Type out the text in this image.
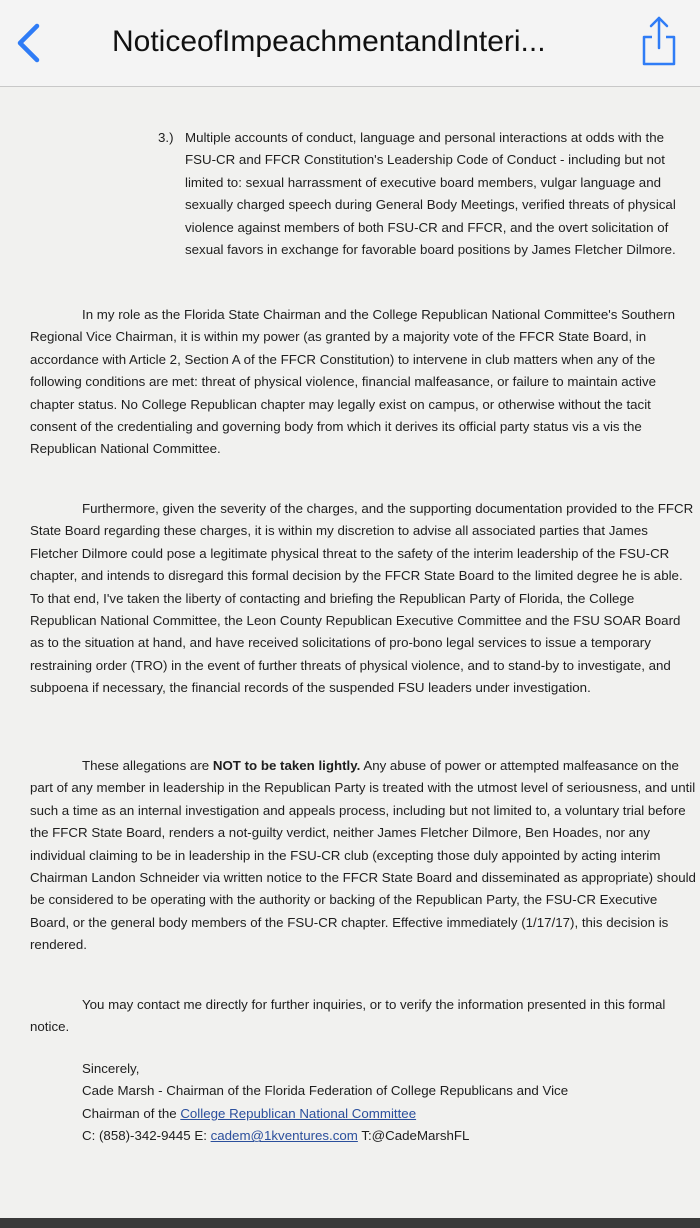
NoticeofImpeachmentandInteri...
3.) Multiple accounts of conduct, language and personal interactions at odds with the FSU-CR and FFCR Constitution's Leadership Code of Conduct - including but not limited to: sexual harrassment of executive board members, vulgar language and sexually charged speech during General Body Meetings, verified threats of physical violence against members of both FSU-CR and FFCR, and the overt solicitation of sexual favors in exchange for favorable board positions by James Fletcher Dilmore.
In my role as the Florida State Chairman and the College Republican National Committee's Southern Regional Vice Chairman, it is within my power (as granted by a majority vote of the FFCR State Board, in accordance with Article 2, Section A of the FFCR Constitution) to intervene in club matters when any of the following conditions are met: threat of physical violence, financial malfeasance, or failure to maintain active chapter status. No College Republican chapter may legally exist on campus, or otherwise without the tacit consent of the credentialing and governing body from which it derives its official party status vis a vis the Republican National Committee.
Furthermore, given the severity of the charges, and the supporting documentation provided to the FFCR State Board regarding these charges, it is within my discretion to advise all associated parties that James Fletcher Dilmore could pose a legitimate physical threat to the safety of the interim leadership of the FSU-CR chapter, and intends to disregard this formal decision by the FFCR State Board to the limited degree he is able. To that end, I've taken the liberty of contacting and briefing the Republican Party of Florida, the College Republican National Committee, the Leon County Republican Executive Committee and the FSU SOAR Board as to the situation at hand, and have received solicitations of pro-bono legal services to issue a temporary restraining order (TRO) in the event of further threats of physical violence, and to stand-by to investigate, and subpoena if necessary, the financial records of the suspended FSU leaders under investigation.
These allegations are NOT to be taken lightly. Any abuse of power or attempted malfeasance on the part of any member in leadership in the Republican Party is treated with the utmost level of seriousness, and until such a time as an internal investigation and appeals process, including but not limited to, a voluntary trial before the FFCR State Board, renders a not-guilty verdict, neither James Fletcher Dilmore, Ben Hoades, nor any individual claiming to be in leadership in the FSU-CR club (excepting those duly appointed by acting interim Chairman Landon Schneider via written notice to the FFCR State Board and disseminated as appropriate) should be considered to be operating with the authority or backing of the Republican Party, the FSU-CR Executive Board, or the general body members of the FSU-CR chapter. Effective immediately (1/17/17), this decision is rendered.
You may contact me directly for further inquiries, or to verify the information presented in this formal notice.
Sincerely,
Cade Marsh - Chairman of the Florida Federation of College Republicans and Vice
Chairman of the College Republican National Committee
C: (858)-342-9445 E: cadem@1kventures.com T:@CadeMarshFL
